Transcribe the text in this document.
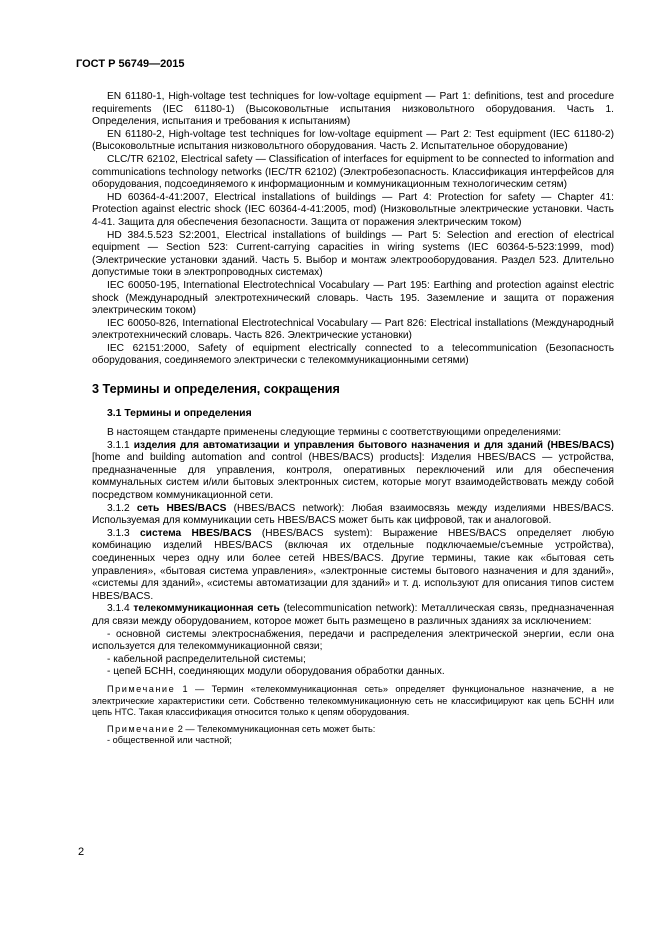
ГОСТ Р 56749—2015

EN 61180-1, High-voltage test techniques for low-voltage equipment — Part 1: definitions, test and procedure requirements (IEC 61180-1) (Высоковольтные испытания низковольтного оборудования. Часть 1. Определения, испытания и требования к испытаниям)

EN 61180-2, High-voltage test techniques for low-voltage equipment — Part 2: Test equipment (IEC 61180-2) (Высоковольтные испытания низковольтного оборудования. Часть 2. Испытательное оборудование)

CLC/TR 62102, Electrical safety — Classification of interfaces for equipment to be connected to information and communications technology networks (IEC/TR 62102) (Электробезопасность. Классификация интерфейсов для оборудования, подсоединяемого к информационным и коммуникационным технологическим сетям)

HD 60364-4-41:2007, Electrical installations of buildings — Part 4: Protection for safety — Chapter 41: Protection against electric shock (IEC 60364-4-41:2005, mod) (Низковольтные электрические установки. Часть 4-41. Защита для обеспечения безопасности. Защита от поражения электрическим током)

HD 384.5.523 S2:2001, Electrical installations of buildings — Part 5: Selection and erection of electrical equipment — Section 523: Current-carrying capacities in wiring systems (IEC 60364-5-523:1999, mod) (Электрические установки зданий. Часть 5. Выбор и монтаж электрооборудования. Раздел 523. Длительно допустимые токи в электропроводных системах)

IEC 60050-195, International Electrotechnical Vocabulary — Part 195: Earthing and protection against electric shock (Международный электротехнический словарь. Часть 195. Заземление и защита от поражения электрическим током)

IEC 60050-826, International Electrotechnical Vocabulary — Part 826: Electrical installations (Международный электротехнический словарь. Часть 826. Электрические установки)

IEC 62151:2000, Safety of equipment electrically connected to a telecommunication (Безопасность оборудования, соединяемого электрически с телекоммуникационными сетями)

3 Термины и определения, сокращения
3.1 Термины и определения

В настоящем стандарте применены следующие термины с соответствующими определениями:

3.1.1 изделия для автоматизации и управления бытового назначения и для зданий (HBES/BACS) [home and building automation and control (HBES/BACS) products]: Изделия HBES/BACS — устройства, предназначенные для управления, контроля, оперативных переключений или для обеспечения коммунальных систем и/или бытовых электронных систем, которые могут взаимодействовать между собой посредством коммуникационной сети.

3.1.2 сеть HBES/BACS (HBES/BACS network): Любая взаимосвязь между изделиями HBES/BACS. Используемая для коммуникации сеть HBES/BACS может быть как цифровой, так и аналоговой.

3.1.3 система HBES/BACS (HBES/BACS system): Выражение HBES/BACS определяет любую комбинацию изделий HBES/BACS (включая их отдельные подключаемые/съемные устройства), соединенных через одну или более сетей HBES/BACS. Другие термины, такие как «бытовая сеть управления», «бытовая система управления», «электронные системы бытового назначения и для зданий», «системы для зданий», «системы автоматизации для зданий» и т. д. используют для описания типов систем HBES/BACS.

3.1.4 телекоммуникационная сеть (telecommunication network): Металлическая связь, предназначенная для связи между оборудованием, которое может быть размещено в различных зданиях за исключением:

- основной системы электроснабжения, передачи и распределения электрической энергии, если она используется для телекоммуникационной связи;

- кабельной распределительной системы;

- цепей БСНН, соединяющих модули оборудования обработки данных.

Примечание 1 — Термин «телекоммуникационная сеть» определяет функциональное назначение, а не электрические характеристики сети. Собственно телекоммуникационную сеть не классифицируют как цепь БСНН или цепь НТС. Такая классификация относится только к цепям оборудования.

Примечание 2 — Телекоммуникационная сеть может быть:

- общественной или частной;

2
